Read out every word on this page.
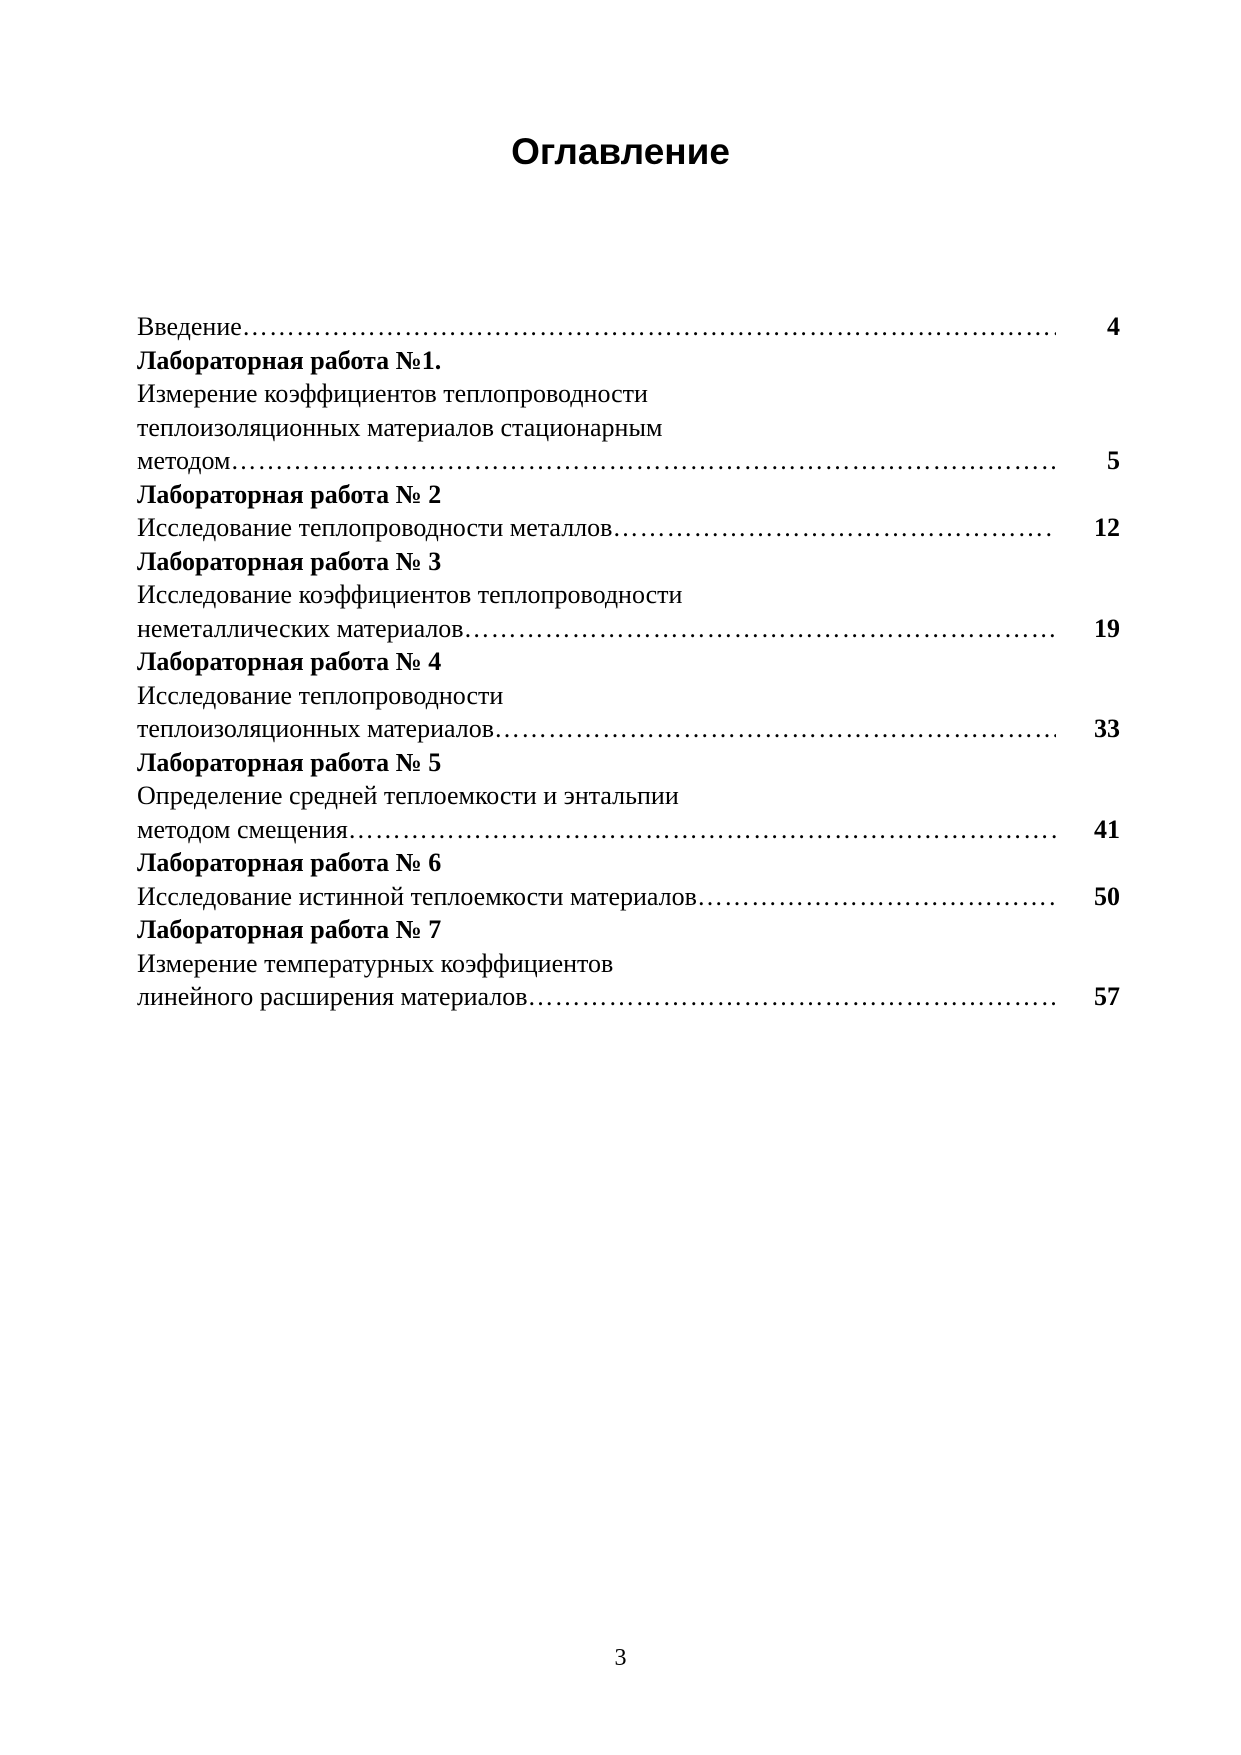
Оглавление
Введение ………………………………………………………………………………………………………………………………………………………………	4
Лабораторная работа №1.
Измерение коэффициентов теплопроводности
теплоизоляционных материалов стационарным
методом ………………………………………………………………………………………………………………………………………………………………	5
Лабораторная работа № 2
Исследование теплопроводности металлов ………………………………………………………………………………………………………………………………………………………………	12
Лабораторная работа № 3
Исследование коэффициентов теплопроводности
неметаллических материалов ………………………………………………………………………………………………………………………………………………………………	19
Лабораторная работа № 4
Исследование теплопроводности
теплоизоляционных материалов ………………………………………………………………………………………………………………………………………………………………	33
Лабораторная работа № 5
Определение средней теплоемкости и энтальпии
методом смещения ………………………………………………………………………………………………………………………………………………………………	41
Лабораторная работа № 6
Исследование истинной теплоемкости материалов ………………………………………………………………………………………………………………………………………………………………	50
Лабораторная работа № 7
Измерение температурных коэффициентов
линейного расширения материалов ………………………………………………………………………………………………………………………………………………………………	57
3
